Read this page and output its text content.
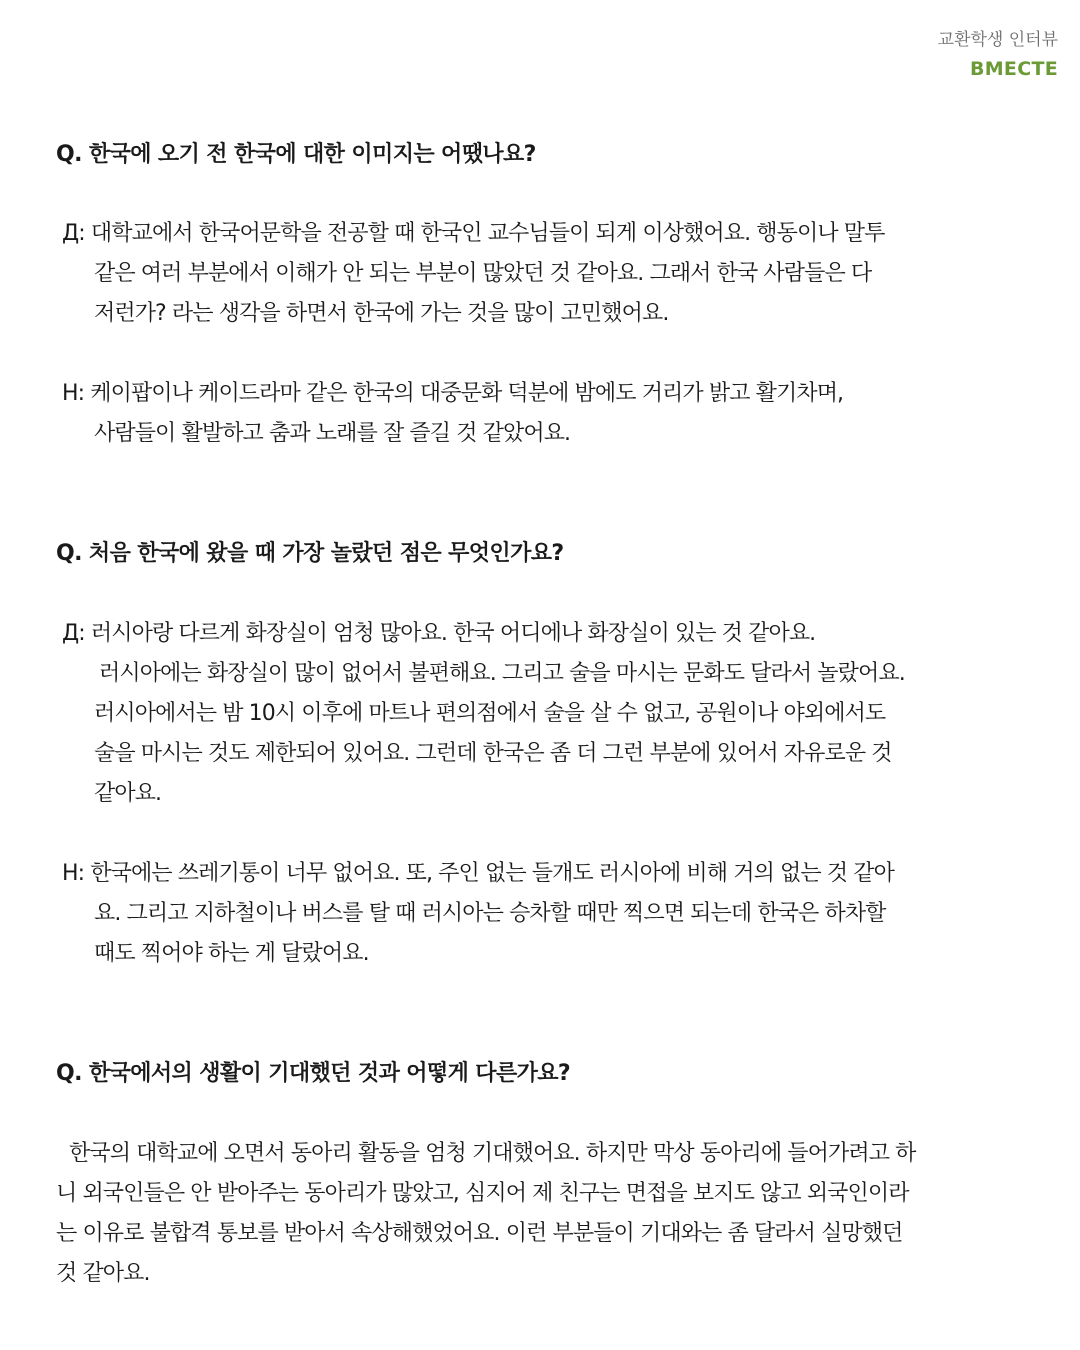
교환학생 인터뷰
BMECTE
Q. 한국에 오기 전 한국에 대한 이미지는 어땠나요?
Д: 대학교에서 한국어문학을 전공할 때 한국인 교수님들이 되게 이상했어요. 행동이나 말투
같은 여러 부분에서 이해가 안 되는 부분이 많았던 것 같아요. 그래서 한국 사람들은 다
저런가? 라는 생각을 하면서 한국에 가는 것을 많이 고민했어요.
H: 케이팝이나 케이드라마 같은 한국의 대중문화 덕분에 밤에도 거리가 밝고 활기차며,
사람들이 활발하고 춤과 노래를 잘 즐길 것 같았어요.
Q. 처음 한국에 왔을 때 가장 놀랐던 점은 무엇인가요?
Д: 러시아랑 다르게 화장실이 엄청 많아요. 한국 어디에나 화장실이 있는 것 같아요.
러시아에는 화장실이 많이 없어서 불편해요. 그리고 술을 마시는 문화도 달라서 놀랐어요.
러시아에서는 밤 10시 이후에 마트나 편의점에서 술을 살 수 없고, 공원이나 야외에서도
술을 마시는 것도 제한되어 있어요. 그런데 한국은 좀 더 그런 부분에 있어서 자유로운 것
같아요.
H: 한국에는 쓰레기통이 너무 없어요. 또, 주인 없는 들개도 러시아에 비해 거의 없는 것 같아
요. 그리고 지하철이나 버스를 탈 때 러시아는 승차할 때만 찍으면 되는데 한국은 하차할
때도 찍어야 하는 게 달랐어요.
Q. 한국에서의 생활이 기대했던 것과 어떻게 다른가요?
한국의 대학교에 오면서 동아리 활동을 엄청 기대했어요. 하지만 막상 동아리에 들어가려고 하
니 외국인들은 안 받아주는 동아리가 많았고, 심지어 제 친구는 면접을 보지도 않고 외국인이라
는 이유로 불합격 통보를 받아서 속상해했었어요. 이런 부분들이 기대와는 좀 달라서 실망했던
것 같아요.
